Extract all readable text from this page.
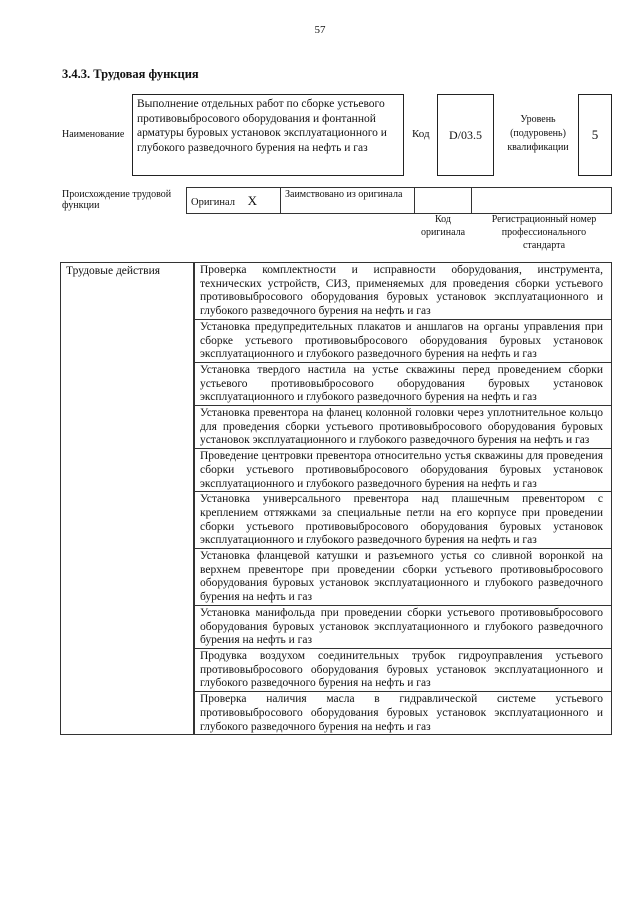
57
3.4.3. Трудовая функция
Наименование
Выполнение отдельных работ по сборке устьевого противовыбросового оборудования и фонтанной арматуры буровых установок эксплуатационного и глубокого разведочного бурения на нефть и газ
Код	D/03.5
Уровень (подуровень) квалификации
5
Происхождение трудовой функции	Оригинал X	Заимствовано из оригинала
Код оригинала
Регистрационный номер профессионального стандарта
Трудовые действия	Проверка комплектности и исправности оборудования, инструмента, технических устройств, СИЗ, применяемых для проведения сборки устьевого противовыбросового оборудования буровых установок эксплуатационного и глубокого разведочного бурения на нефть и газ
Установка предупредительных плакатов и аншлагов на органы управления при сборке устьевого противовыбросового оборудования буровых установок эксплуатационного и глубокого разведочного бурения на нефть и газ
Установка твердого настила на устье скважины перед проведением сборки устьевого противовыбросового оборудования буровых установок эксплуатационного и глубокого разведочного бурения на нефть и газ
Установка превентора на фланец колонной головки через уплотнительное кольцо для проведения сборки устьевого противовыбросового оборудования буровых установок эксплуатационного и глубокого разведочного бурения на нефть и газ
Проведение центровки превентора относительно устья скважины для проведения сборки устьевого противовыбросового оборудования буровых установок эксплуатационного и глубокого разведочного бурения на нефть и газ
Установка универсального превентора над плашечным превентором с креплением оттяжками за специальные петли на его корпусе при проведении сборки устьевого противовыбросового оборудования буровых установок эксплуатационного и глубокого разведочного бурения на нефть и газ
Установка фланцевой катушки и разъемного устья со сливной воронкой на верхнем превенторе при проведении сборки устьевого противовыбросового оборудования буровых установок эксплуатационного и глубокого разведочного бурения на нефть и газ
Установка манифольда при проведении сборки устьевого противовыбросового оборудования буровых установок эксплуатационного и глубокого разведочного бурения на нефть и газ
Продувка воздухом соединительных трубок гидроуправления устьевого противовыбросового оборудования буровых установок эксплуатационного и глубокого разведочного бурения на нефть и газ
Проверка наличия масла в гидравлической системе устьевого противовыбросового оборудования буровых установок эксплуатационного и глубокого разведочного бурения на нефть и газ
